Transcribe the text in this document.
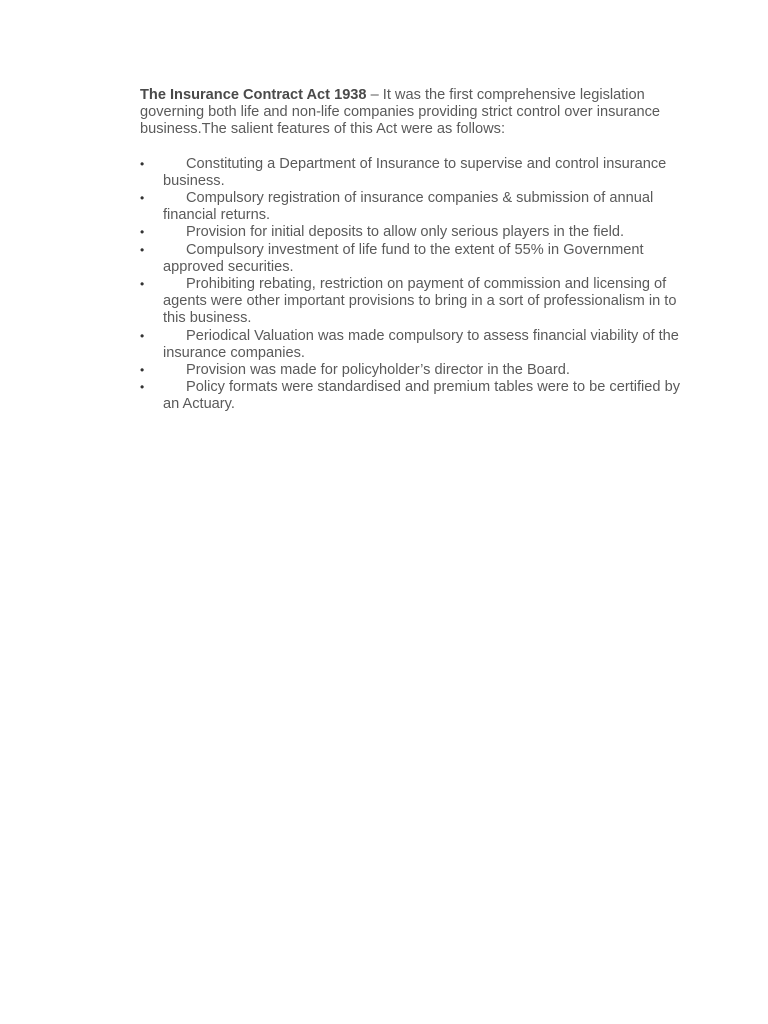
The Insurance Contract Act 1938 – It was the first comprehensive legislation governing both life and non-life companies providing strict control over insurance business.The salient features of this Act were as follows:

•	Constituting a Department of Insurance to supervise and control insurance business.
•	Compulsory registration of insurance companies & submission of annual financial returns.
•	Provision for initial deposits to allow only serious players in the field.
•	Compulsory investment of life fund to the extent of 55% in Government approved securities.
•	Prohibiting rebating, restriction on payment of commission and licensing of agents were other important provisions to bring in a sort of professionalism in to this business.
•	Periodical Valuation was made compulsory to assess financial viability of the insurance companies.
•	Provision was made for policyholder’s director in the Board.
•	Policy formats were standardised and premium tables were to be certified by an Actuary.
